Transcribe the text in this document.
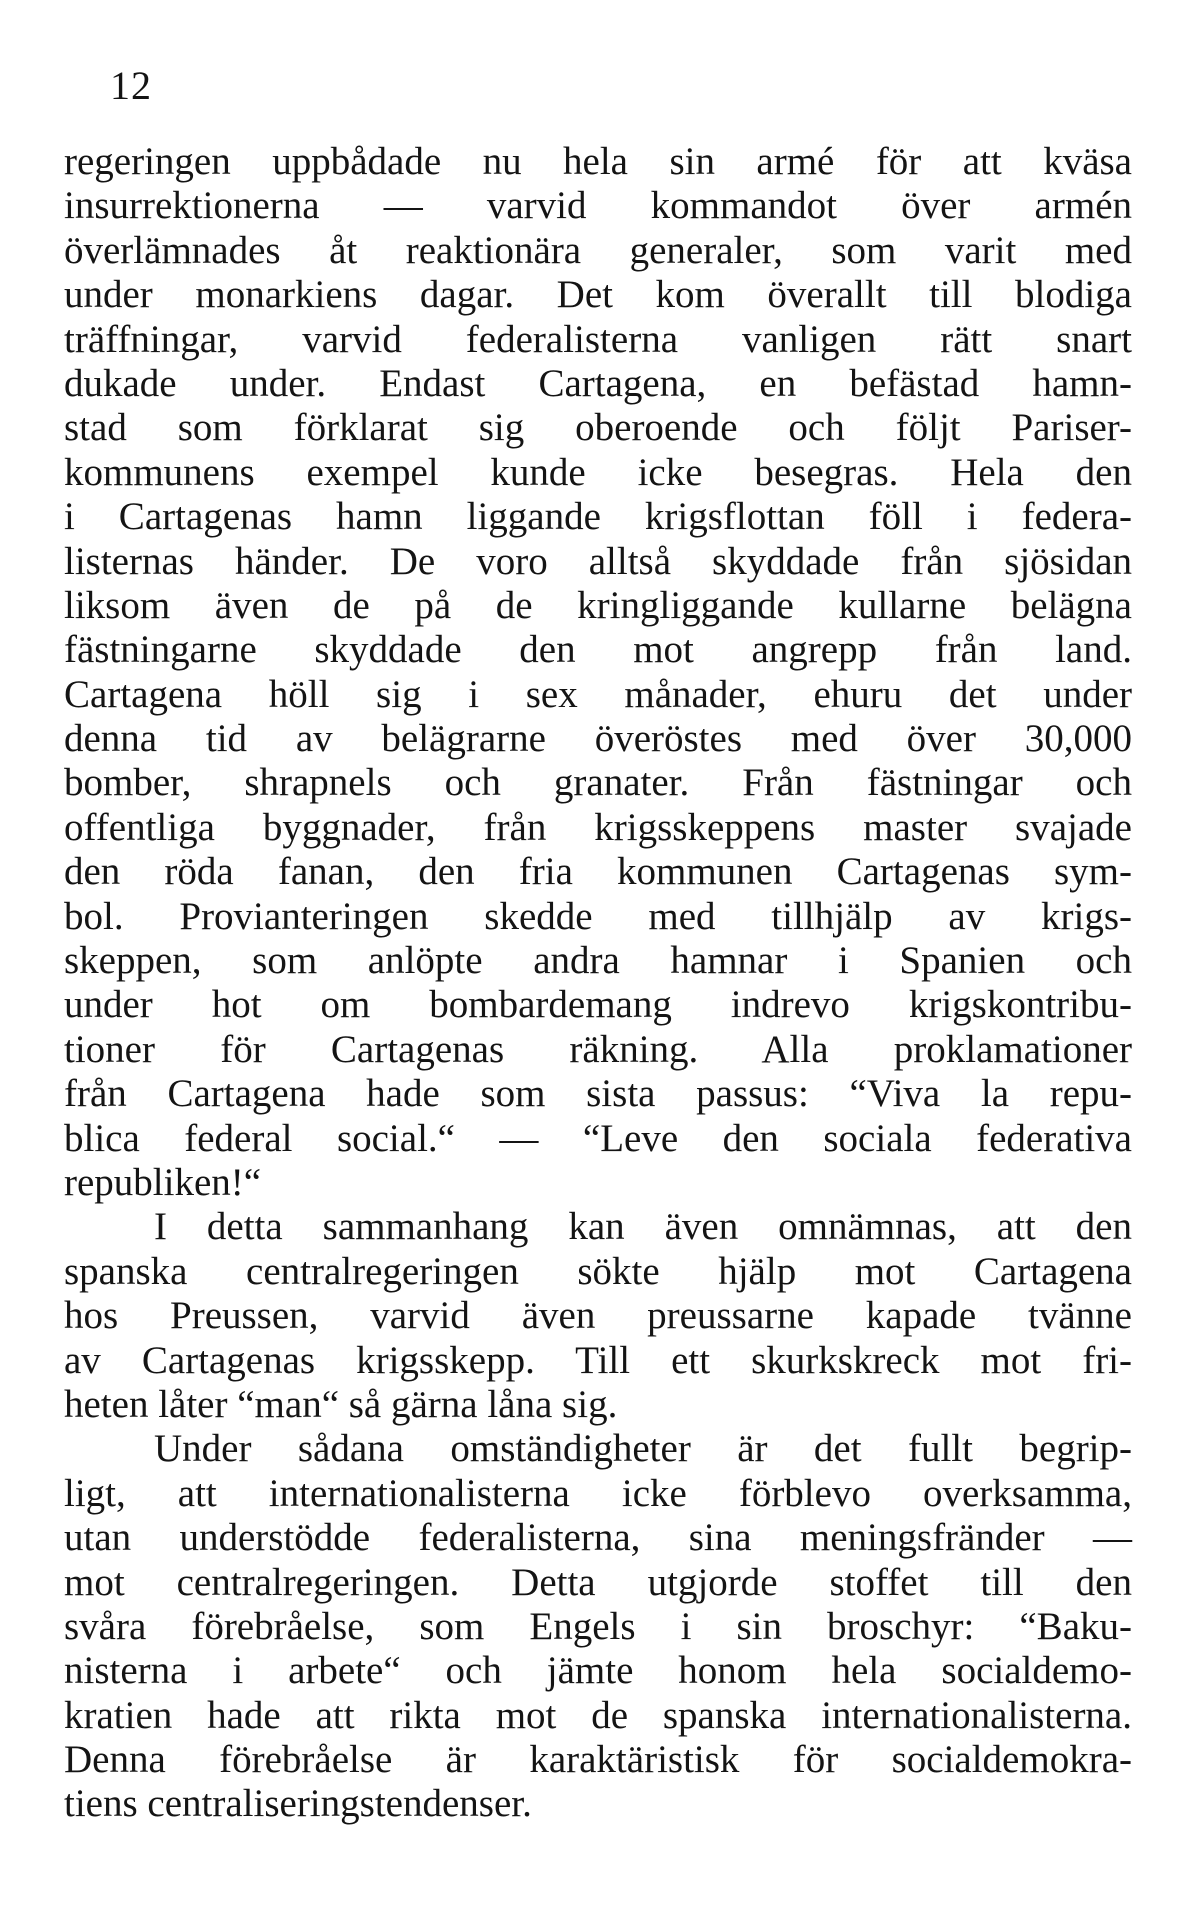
12
regeringen uppbådade nu hela sin armé för att kväsa
insurrektionerna — varvid kommandot över armén
överlämnades åt reaktionära generaler, som varit med
under monarkiens dagar. Det kom överallt till blodiga
träffningar, varvid federalisterna vanligen rätt snart
dukade under. Endast Cartagena, en befästad hamn-
stad som förklarat sig oberoende och följt Pariser-
kommunens exempel kunde icke besegras. Hela den
i Cartagenas hamn liggande krigsflottan föll i federa-
listernas händer. De voro alltså skyddade från sjösidan
liksom även de på de kringliggande kullarne belägna
fästningarne skyddade den mot angrepp från land.
Cartagena höll sig i sex månader, ehuru det under
denna tid av belägrarne överöstes med över 30,000
bomber, shrapnels och granater. Från fästningar och
offentliga byggnader, från krigsskeppens master svajade
den röda fanan, den fria kommunen Cartagenas sym-
bol. Provianteringen skedde med tillhjälp av krigs-
skeppen, som anlöpte andra hamnar i Spanien och
under hot om bombardemang indrevo krigskontribu-
tioner för Cartagenas räkning. Alla proklamationer
från Cartagena hade som sista passus: “Viva la repu-
blica federal social.“ — “Leve den sociala federativa
republiken!“
I detta sammanhang kan även omnämnas, att den
spanska centralregeringen sökte hjälp mot Cartagena
hos Preussen, varvid även preussarne kapade tvänne
av Cartagenas krigsskepp. Till ett skurkskreck mot fri-
heten låter “man“ så gärna låna sig.
Under sådana omständigheter är det fullt begrip-
ligt, att internationalisterna icke förblevo overksamma,
utan understödde federalisterna, sina meningsfränder —
mot centralregeringen. Detta utgjorde stoffet till den
svåra förebråelse, som Engels i sin broschyr: “Baku-
nisterna i arbete“ och jämte honom hela socialdemo-
kratien hade att rikta mot de spanska internationalisterna.
Denna förebråelse är karaktäristisk för socialdemokra-
tiens centraliseringstendenser.
